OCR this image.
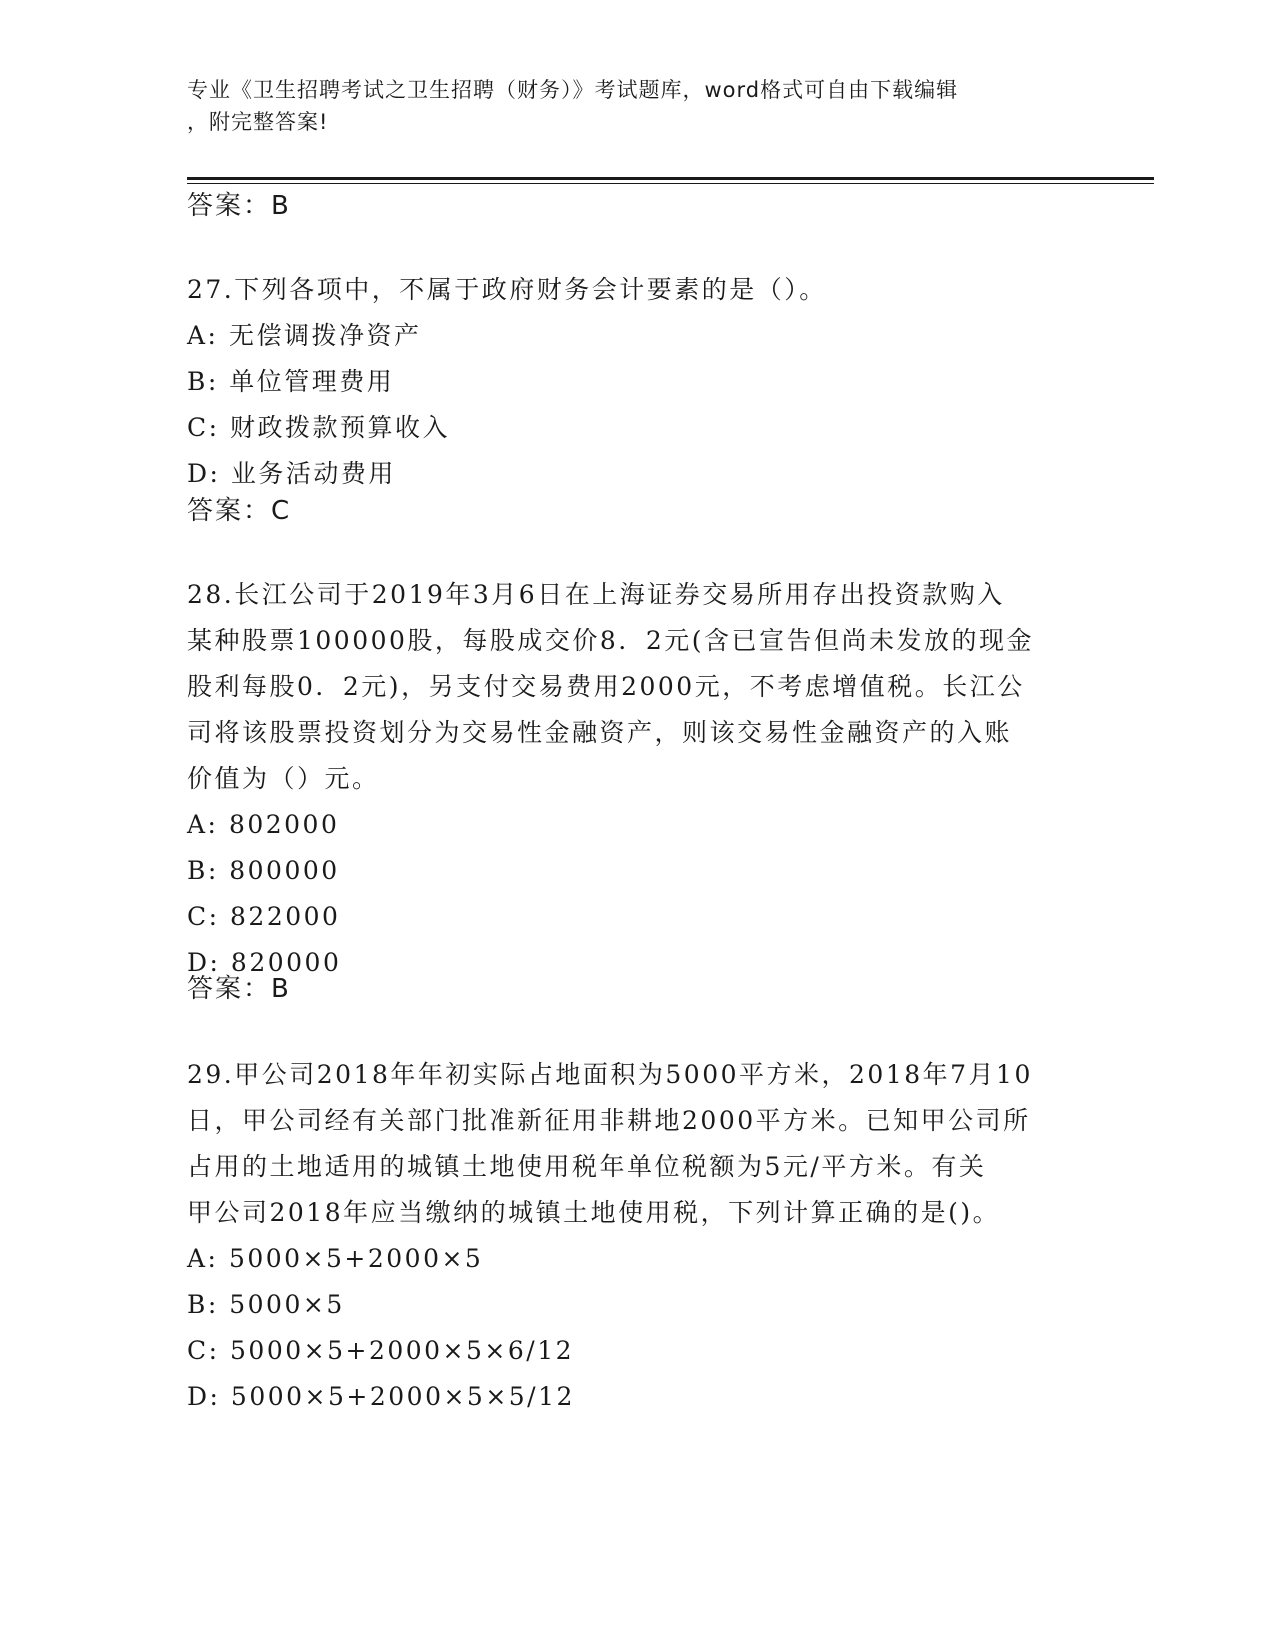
专业《卫生招聘考试之卫生招聘（财务）》考试题库，word格式可自由下载编辑
，附完整答案!
答案：B
27.下列各项中，不属于政府财务会计要素的是（）。
A: 无偿调拨净资产
B: 单位管理费用
C: 财政拨款预算收入
D: 业务活动费用
答案：C
28.长江公司于2019年3月6日在上海证券交易所用存出投资款购入
某种股票100000股，每股成交价8．2元(含已宣告但尚未发放的现金
股利每股0．2元)，另支付交易费用2000元，不考虑增值税。长江公
司将该股票投资划分为交易性金融资产，则该交易性金融资产的入账
价值为（）元。
A: 802000
B: 800000
C: 822000
D: 820000
答案：B
29.甲公司2018年年初实际占地面积为5000平方米，2018年7月10
日，甲公司经有关部门批准新征用非耕地2000平方米。已知甲公司所
占用的土地适用的城镇土地使用税年单位税额为5元/平方米。有关
甲公司2018年应当缴纳的城镇土地使用税，下列计算正确的是()。
A: 5000×5+2000×5
B: 5000×5
C: 5000×5+2000×5×6/12
D: 5000×5+2000×5×5/12
